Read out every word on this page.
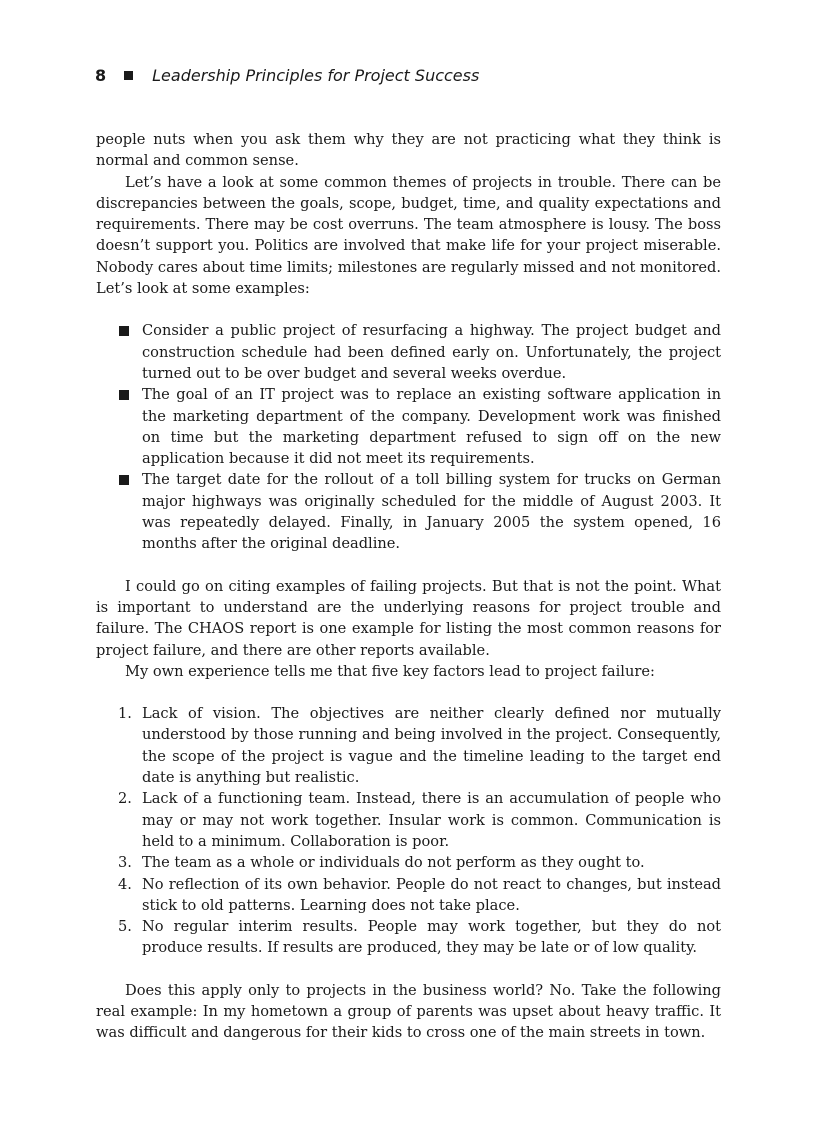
8	Leadership Principles for Project Success

people nuts when you ask them why they are not practicing what they think is normal and common sense.

Let’s have a look at some common themes of projects in trouble. There can be discrepancies between the goals, scope, budget, time, and quality expectations and requirements. There may be cost overruns. The team atmosphere is lousy. The boss doesn’t support you. Politics are involved that make life for your project miserable. Nobody cares about time limits; milestones are regularly missed and not monitored. Let’s look at some examples:

Consider a public project of resurfacing a highway. The project budget and construction schedule had been defined early on. Unfortunately, the project turned out to be over budget and several weeks overdue.
The goal of an IT project was to replace an existing software application in the marketing department of the company. Development work was finished on time but the marketing department refused to sign off on the new application because it did not meet its requirements.
The target date for the rollout of a toll billing system for trucks on German major highways was originally scheduled for the middle of August 2003. It was repeatedly delayed. Finally, in January 2005 the system opened, 16 months after the original deadline.

I could go on citing examples of failing projects. But that is not the point. What is important to understand are the underlying reasons for project trouble and failure. The CHAOS report is one example for listing the most common reasons for project failure, and there are other reports available.

My own experience tells me that five key factors lead to project failure:

1. Lack of vision. The objectives are neither clearly defined nor mutually understood by those running and being involved in the project. Consequently, the scope of the project is vague and the timeline leading to the target end date is anything but realistic.
2. Lack of a functioning team. Instead, there is an accumulation of people who may or may not work together. Insular work is common. Communication is held to a minimum. Collaboration is poor.
3. The team as a whole or individuals do not perform as they ought to.
4. No reflection of its own behavior. People do not react to changes, but instead stick to old patterns. Learning does not take place.
5. No regular interim results. People may work together, but they do not produce results. If results are produced, they may be late or of low quality.

Does this apply only to projects in the business world? No. Take the following real example: In my hometown a group of parents was upset about heavy traffic. It was difficult and dangerous for their kids to cross one of the main streets in town.
